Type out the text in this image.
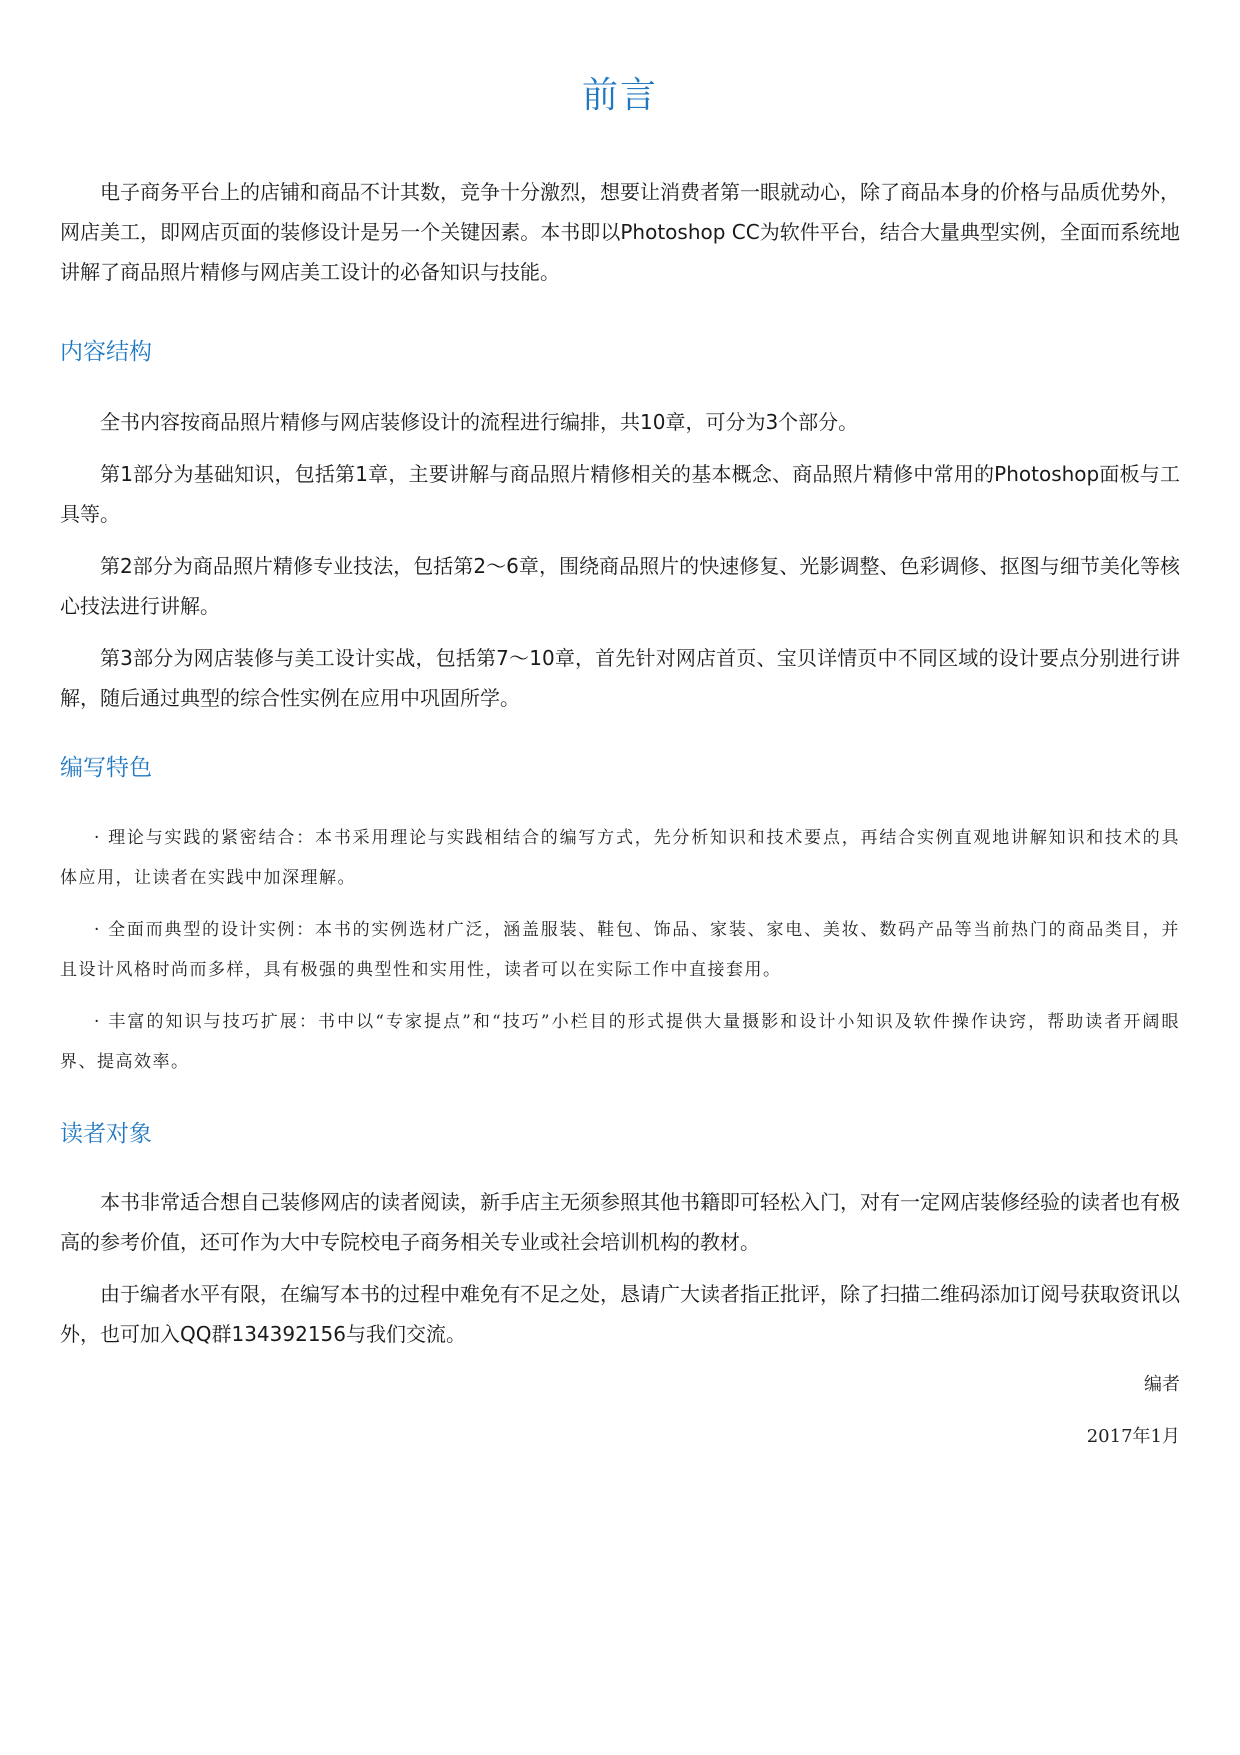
前言

电子商务平台上的店铺和商品不计其数，竞争十分激烈，想要让消费者第一眼就动心，除了商品本身的价格与品质优势外，网店美工，即网店页面的装修设计是另一个关键因素。本书即以Photoshop CC为软件平台，结合大量典型实例，全面而系统地讲解了商品照片精修与网店美工设计的必备知识与技能。

内容结构

全书内容按商品照片精修与网店装修设计的流程进行编排，共10章，可分为3个部分。

第1部分为基础知识，包括第1章，主要讲解与商品照片精修相关的基本概念、商品照片精修中常用的Photoshop面板与工具等。

第2部分为商品照片精修专业技法，包括第2～6章，围绕商品照片的快速修复、光影调整、色彩调修、抠图与细节美化等核心技法进行讲解。

第3部分为网店装修与美工设计实战，包括第7～10章，首先针对网店首页、宝贝详情页中不同区域的设计要点分别进行讲解，随后通过典型的综合性实例在应用中巩固所学。

编写特色

· 理论与实践的紧密结合：本书采用理论与实践相结合的编写方式，先分析知识和技术要点，再结合实例直观地讲解知识和技术的具体应用，让读者在实践中加深理解。

· 全面而典型的设计实例：本书的实例选材广泛，涵盖服装、鞋包、饰品、家装、家电、美妆、数码产品等当前热门的商品类目，并且设计风格时尚而多样，具有极强的典型性和实用性，读者可以在实际工作中直接套用。

· 丰富的知识与技巧扩展：书中以“专家提点”和“技巧”小栏目的形式提供大量摄影和设计小知识及软件操作诀窍，帮助读者开阔眼界、提高效率。

读者对象

本书非常适合想自己装修网店的读者阅读，新手店主无须参照其他书籍即可轻松入门，对有一定网店装修经验的读者也有极高的参考价值，还可作为大中专院校电子商务相关专业或社会培训机构的教材。

由于编者水平有限，在编写本书的过程中难免有不足之处，恳请广大读者指正批评，除了扫描二维码添加订阅号获取资讯以外，也可加入QQ群134392156与我们交流。

编者

2017年1月
